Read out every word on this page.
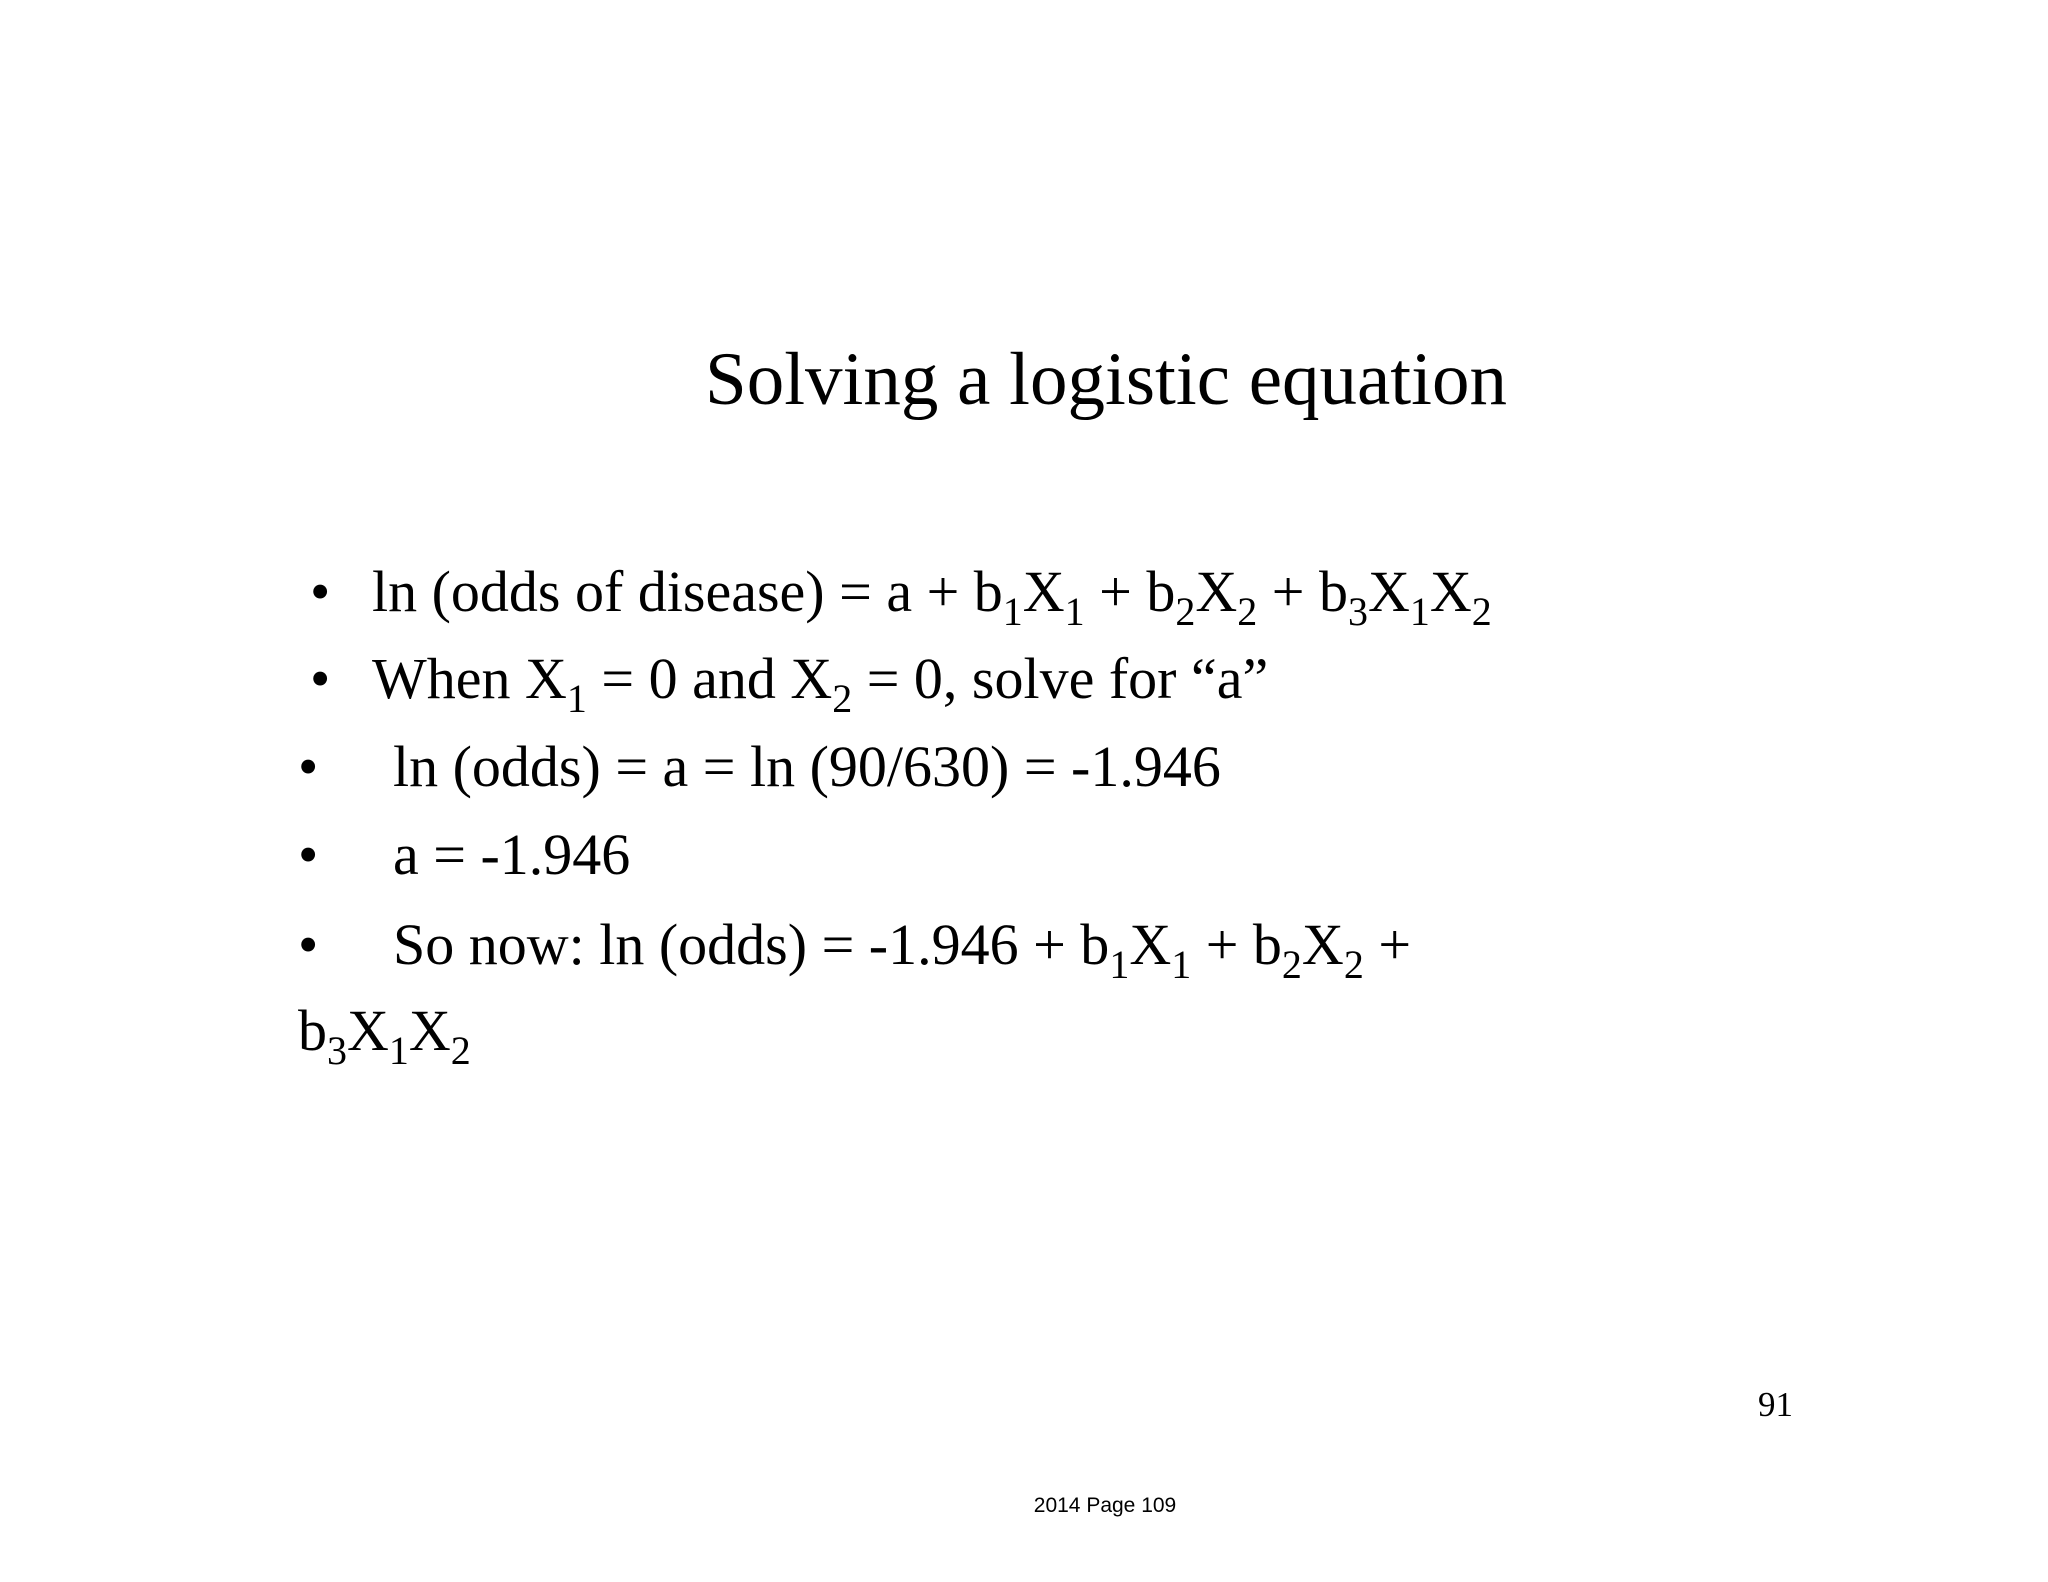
Solving a logistic equation
• ln (odds of disease) = $a + b_1X_1 + b_2X_2 + b_3X_1X_2$
• When $X_1 = 0$ and $X_2 = 0$, solve for “a”
• ln (odds) = a = ln (90/630) = -1.946
• a = -1.946
• So now: ln (odds) = $-1.946 + b_1X_1 + b_2X_2$ +
$b_3X_1X_2$
91
2014 Page 109
